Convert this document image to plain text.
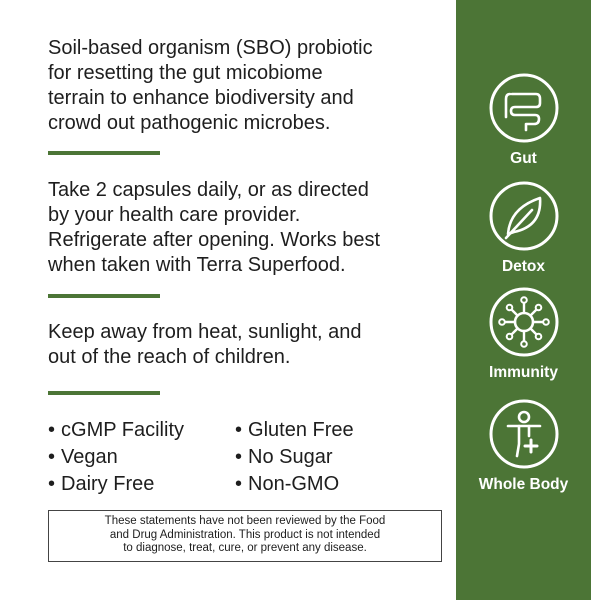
Soil-based organism (SBO) probiotic
for resetting the gut micobiome
terrain to enhance biodiversity and
crowd out pathogenic microbes.

Take 2 capsules daily, or as directed
by your health care provider.
Refrigerate after opening. Works best
when taken with Terra Superfood.

Keep away from heat, sunlight, and
out of the reach of children.

• cGMP Facility	• Gluten Free
• Vegan	• No Sugar
• Dairy Free	• Non-GMO
These statements have not been reviewed by the Food
and Drug Administration. This product is not intended
to diagnose, treat, cure, or prevent any disease.
Gut
Detox
Immunity
Whole Body
